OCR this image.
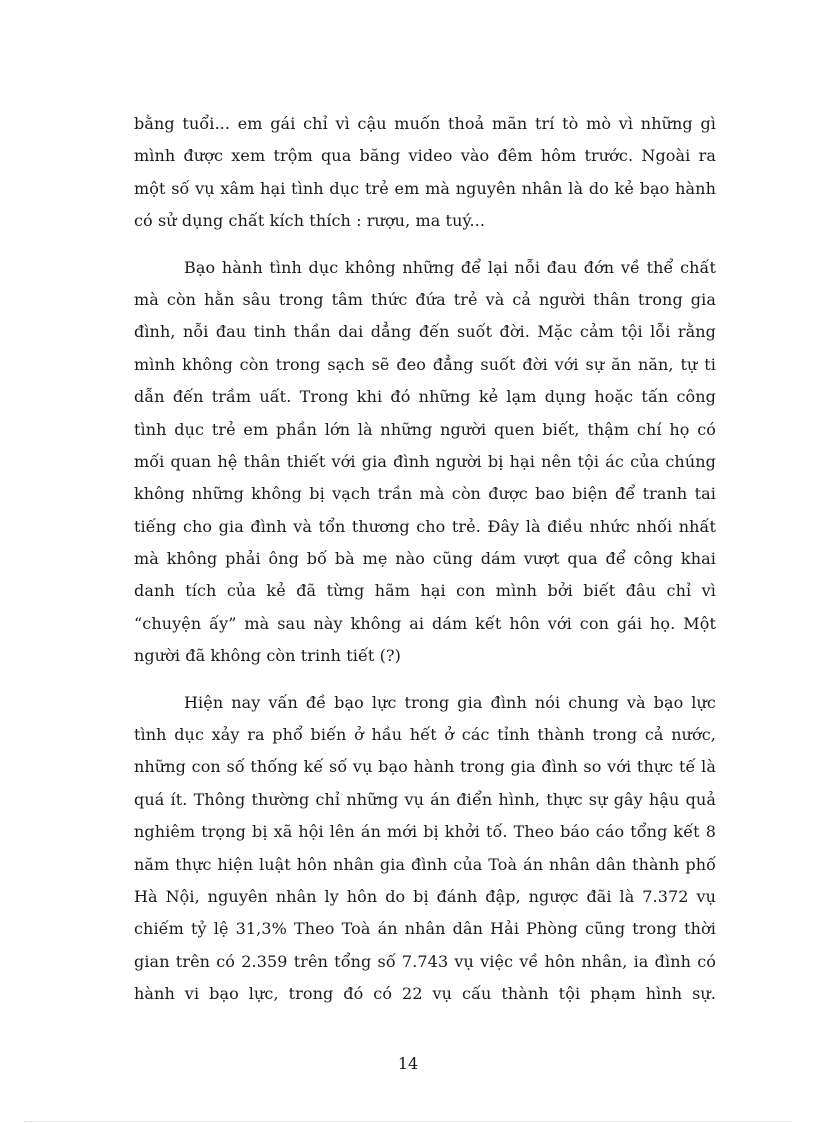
bằng tuổi... em gái chỉ vì cậu muốn thoả mãn trí tò mò vì những gì
mình được xem trộm qua băng video vào đêm hôm trước. Ngoài ra
một số vụ xâm hại tình dục trẻ em mà nguyên nhân là do kẻ bạo hành
có sử dụng chất kích thích : rượu, ma tuý...
Bạo hành tình dục không những để lại nỗi đau đớn về thể chất
mà còn hằn sâu trong tâm thức đứa trẻ và cả người thân trong gia
đình, nỗi đau tinh thần dai dẳng đến suốt đời. Mặc cảm tội lỗi rằng
mình không còn trong sạch sẽ đeo đẳng suốt đời với sự ăn năn, tự ti
dẫn đến trầm uất. Trong khi đó những kẻ lạm dụng hoặc tấn công
tình dục trẻ em phần lớn là những người quen biết, thậm chí họ có
mối quan hệ thân thiết với gia đình người bị hại nên tội ác của chúng
không những không bị vạch trần mà còn được bao biện để tranh tai
tiếng cho gia đình và tổn thương cho trẻ. Đây là điều nhức nhối nhất
mà không phải ông bố bà mẹ nào cũng dám vượt qua để công khai
danh tích của kẻ đã từng hãm hại con mình bởi biết đâu chỉ vì
“chuyện ấy” mà sau này không ai dám kết hôn với con gái họ. Một
người đã không còn trinh tiết (?)
Hiện nay vấn đề bạo lực trong gia đình nói chung và bạo lực
tình dục xảy ra phổ biến ở hầu hết ở các tỉnh thành trong cả nước,
những con số thống kế số vụ bạo hành trong gia đình so với thực tế là
quá ít. Thông thường chỉ những vụ án điển hình, thực sự gây hậu quả
nghiêm trọng bị xã hội lên án mới bị khởi tố. Theo báo cáo tổng kết 8
năm thực hiện luật hôn nhân gia đình của Toà án nhân dân thành phố
Hà Nội, nguyên nhân ly hôn do bị đánh đập, ngược đãi là 7.372 vụ
chiếm tỷ lệ 31,3% Theo Toà án nhân dân Hải Phòng cũng trong thời
gian trên có 2.359 trên tổng số 7.743 vụ việc về hôn nhân, ia đình có
hành vi bạo lực, trong đó có 22 vụ cấu thành tội phạm hình sự.
14
